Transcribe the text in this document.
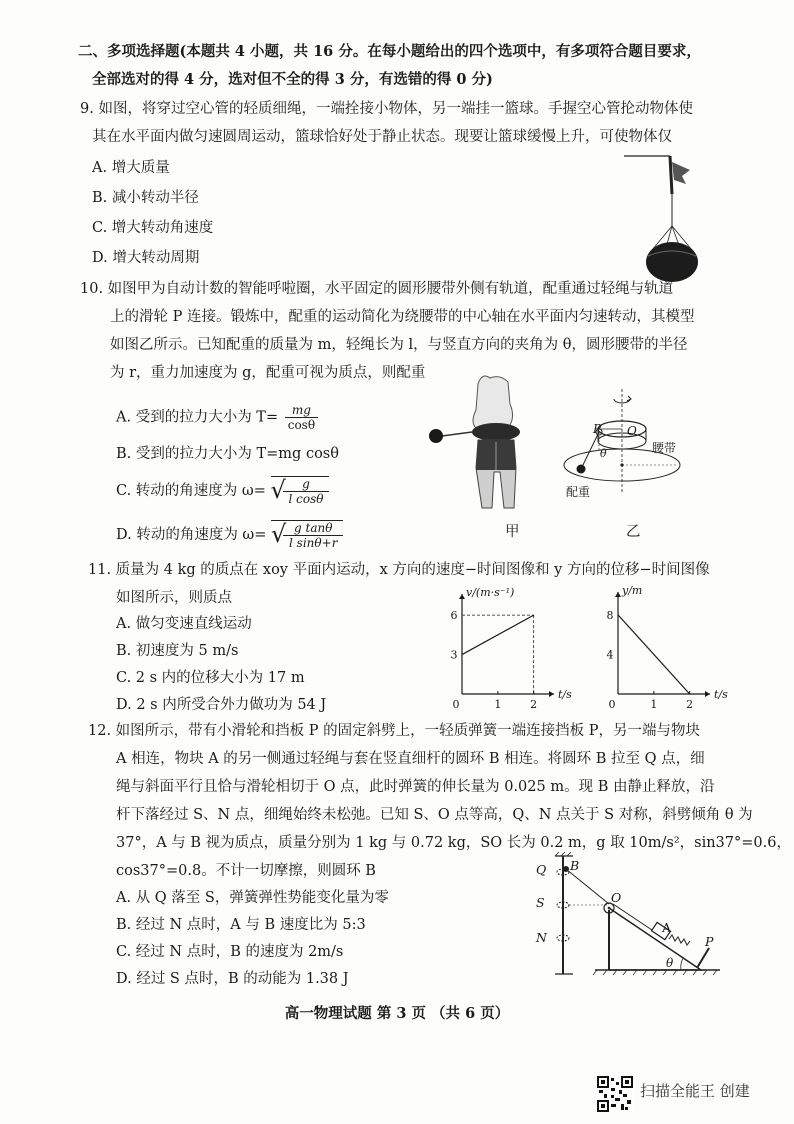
二、多项选择题(本题共 4 小题，共 16 分。在每小题给出的四个选项中，有多项符合题目要求，
全部选对的得 4 分，选对但不全的得 3 分，有选错的得 0 分)
9. 如图，将穿过空心管的轻质细绳，一端拴接小物体，另一端挂一篮球。手握空心管抡动物体使
其在水平面内做匀速圆周运动，篮球恰好处于静止状态。现要让篮球缓慢上升，可使物体仅
A. 增大质量
B. 减小转动半径
C. 增大转动角速度
D. 增大转动周期
10. 如图甲为自动计数的智能呼啦圈，水平固定的圆形腰带外侧有轨道，配重通过轻绳与轨道
上的滑轮 P 连接。锻炼中，配重的运动简化为绕腰带的中心轴在水平面内匀速转动，其模型
如图乙所示。已知配重的质量为 m，轻绳长为 l，与竖直方向的夹角为 θ，圆形腰带的半径
为 r，重力加速度为 g，配重可视为质点，则配重
A. 受到的拉力大小为 $T= \frac{mg}{\cos\theta}$
B. 受到的拉力大小为 T=mg cosθ
C. 转动的角速度为 ω= √	g
l cosθ
D. 转动的角速度为 ω= √ g tanθ
l sinθ+r
P O
腰带
配重
θ
甲	乙
11. 质量为 4 kg 的质点在 xoy 平面内运动，x 方向的速度−时间图像和 y 方向的位移−时间图像
如图所示，则质点
A. 做匀变速直线运动
B. 初速度为 5 m/s
C. 2 s 内的位移大小为 17 m
D. 2 s 内所受合外力做功为 54 J
t/s
v/(m·s⁻¹)
0	1	2
3
6
t/s
y/m
0	1	2
4
8
12. 如图所示，带有小滑轮和挡板 P 的固定斜劈上，一轻质弹簧一端连接挡板 P，另一端与物块
A 相连，物块 A 的另一侧通过轻绳与套在竖直细杆的圆环 B 相连。将圆环 B 拉至 Q 点，细
绳与斜面平行且恰与滑轮相切于 O 点，此时弹簧的伸长量为 0.025 m。现 B 由静止释放，沿
杆下落经过 S、N 点，细绳始终未松弛。已知 S、O 点等高，Q、N 点关于 S 对称，斜劈倾角 θ 为
37°，A 与 B 视为质点，质量分别为 1 kg 与 0.72 kg，SO 长为 0.2 m，g 取 10m/s²，sin37°=0.6，
cos37°=0.8。不计一切摩擦，则圆环 B
A. 从 Q 落至 S，弹簧弹性势能变化量为零
B. 经过 N 点时，A 与 B 速度比为 5:3
C. 经过 N 点时，B 的速度为 2m/s
D. 经过 S 点时，B 的动能为 1.38 J
Q B
S	O
N
A
P
θ
高一物理试题 第 3 页 （共 6 页）
扫描全能王 创建
